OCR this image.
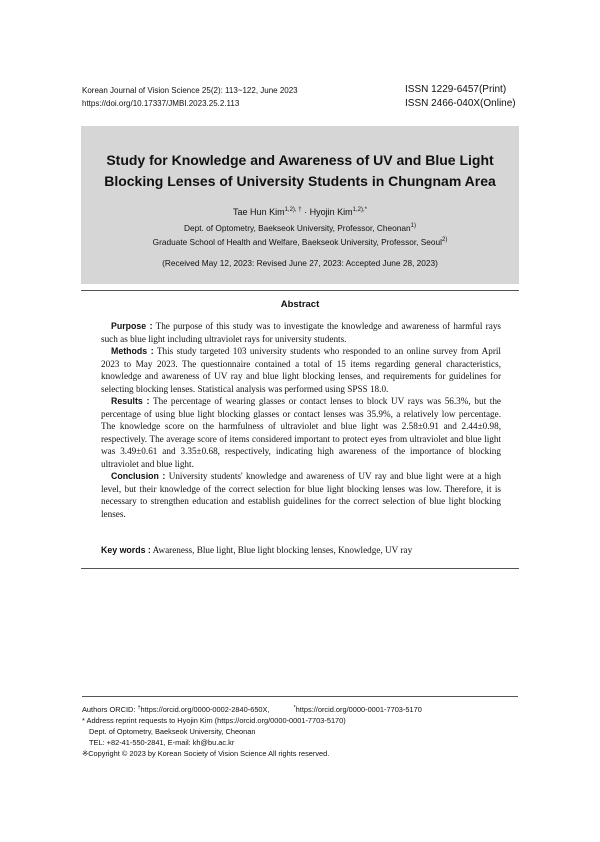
Korean Journal of Vision Science 25(2): 113~122, June 2023
https://doi.org/10.17337/JMBI.2023.25.2.113
ISSN 1229-6457(Print)
ISSN 2466-040X(Online)
Study for Knowledge and Awareness of UV and Blue Light
Blocking Lenses of University Students in Chungnam Area
Tae Hun Kim$^{1,2), \dagger}$ · Hyojin Kim$^{1,2),*}$
Dept. of Optometry, Baekseok University, Professor, Cheonan$^{1)}$
Graduate School of Health and Welfare, Baekseok University, Professor, Seoul$^{2)}$
(Received May 12, 2023: Revised June 27, 2023: Accepted June 28, 2023)
Abstract

Purpose : The purpose of this study was to investigate the knowledge and awareness of harmful rays such as blue light including ultraviolet rays for university students.

Methods : This study targeted 103 university students who responded to an online survey from April 2023 to May 2023. The questionnaire contained a total of 15 items regarding general characteristics, knowledge and awareness of UV ray and blue light blocking lenses, and requirements for guidelines for selecting blocking lenses. Statistical analysis was performed using SPSS 18.0.

Results : The percentage of wearing glasses or contact lenses to block UV rays was 56.3%, but the percentage of using blue light blocking glasses or contact lenses was 35.9%, a relatively low percentage. The knowledge score on the harmfulness of ultraviolet and blue light was 2.58±0.91 and 2.44±0.98, respectively. The average score of items considered important to protect eyes from ultraviolet and blue light was 3.49±0.61 and 3.35±0.68, respectively, indicating high awareness of the importance of blocking ultraviolet and blue light.

Conclusion : University students' knowledge and awareness of UV ray and blue light were at a high level, but their knowledge of the correct selection for blue light blocking lenses was low. Therefore, it is necessary to strengthen education and establish guidelines for the correct selection of blue light blocking lenses.

Key words : Awareness, Blue light, Blue light blocking lenses, Knowledge, UV ray
Authors ORCID: †https://orcid.org/0000-0002-2840-650X,	*https://orcid.org/0000-0001-7703-5170
* Address reprint requests to Hyojin Kim (https://orcid.org/0000-0001-7703-5170)
Dept. of Optometry, Baekseok University, Cheonan
TEL: +82-41-550-2841, E-mail: kh@bu.ac.kr
※Copyright © 2023 by Korean Society of Vision Science All rights reserved.
